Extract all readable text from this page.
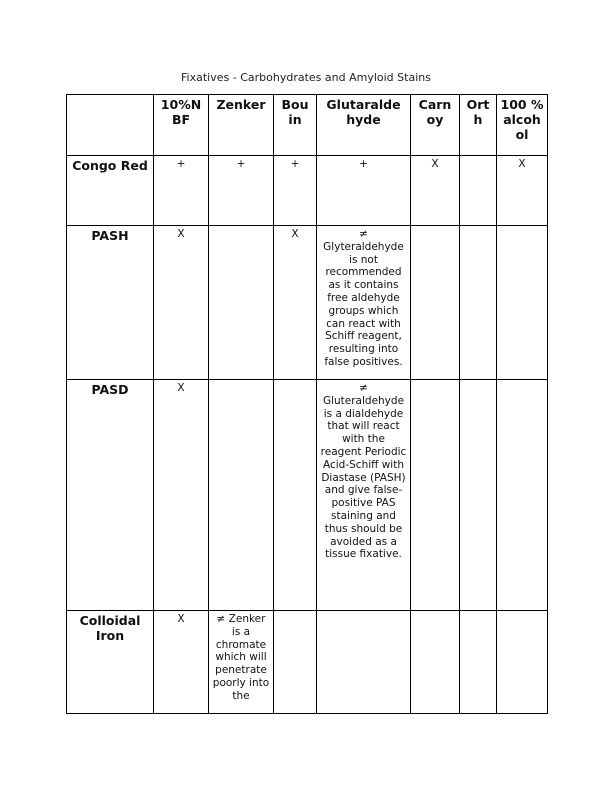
Fixatives - Carbohydrates and Amyloid Stains
	10%N BF	Zenker	Bou in	Glutaralde hyde	Carn oy	Ort h	100 % alcoh ol
Congo Red	+	+	+	+	X		X
PASH	X		X	≠ Glyteraldehyde is not recommended as it contains free aldehyde groups which can react with Schiff reagent, resulting into false positives.			
PASD	X			≠ Gluteraldehyde is a dialdehyde that will react with the reagent Periodic Acid-Schiff with Diastase (PASH) and give false-positive PAS staining and thus should be avoided as a tissue fixative.			
Colloidal Iron	X	≠ Zenker is a chromate which will penetrate poorly into the					
